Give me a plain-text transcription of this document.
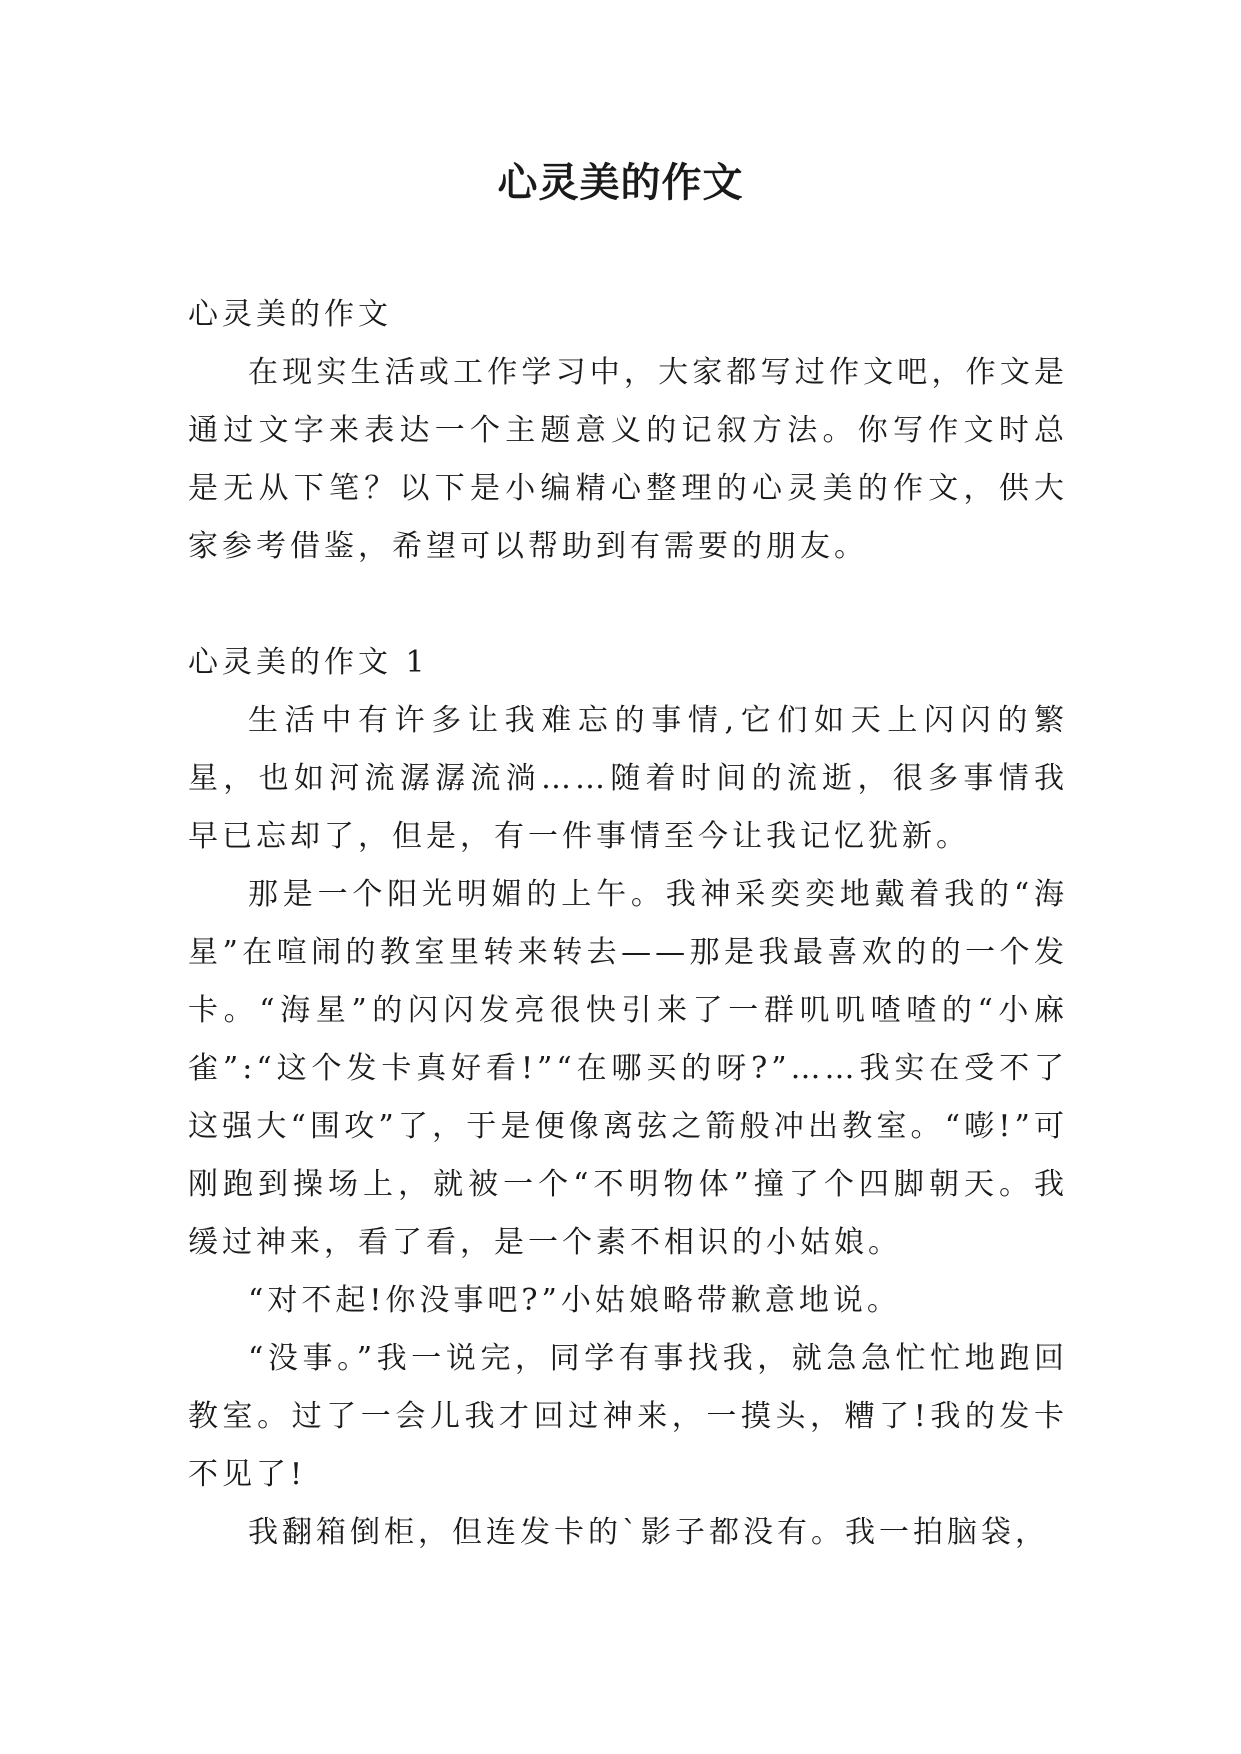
心灵美的作文

心灵美的作文

在现实生活或工作学习中，大家都写过作文吧，作文是通过文字来表达一个主题意义的记叙方法。你写作文时总是无从下笔？以下是小编精心整理的心灵美的作文，供大家参考借鉴，希望可以帮助到有需要的朋友。

心灵美的作文 1

生活中有许多让我难忘的事情,它们如天上闪闪的繁星，也如河流潺潺流淌……随着时间的流逝，很多事情我早已忘却了，但是，有一件事情至今让我记忆犹新。

那是一个阳光明媚的上午。我神采奕奕地戴着我的“海星”在喧闹的教室里转来转去——那是我最喜欢的的一个发卡。“海星”的闪闪发亮很快引来了一群叽叽喳喳的“小麻雀”:“这个发卡真好看!”“在哪买的呀?”……我实在受不了这强大“围攻”了，于是便像离弦之箭般冲出教室。“嘭!”可刚跑到操场上，就被一个“不明物体”撞了个四脚朝天。我缓过神来，看了看，是一个素不相识的小姑娘。

“对不起!你没事吧?”小姑娘略带歉意地说。

“没事。”我一说完，同学有事找我，就急急忙忙地跑回教室。过了一会儿我才回过神来，一摸头，糟了!我的发卡不见了!

我翻箱倒柜，但连发卡的`影子都没有。我一拍脑袋，
